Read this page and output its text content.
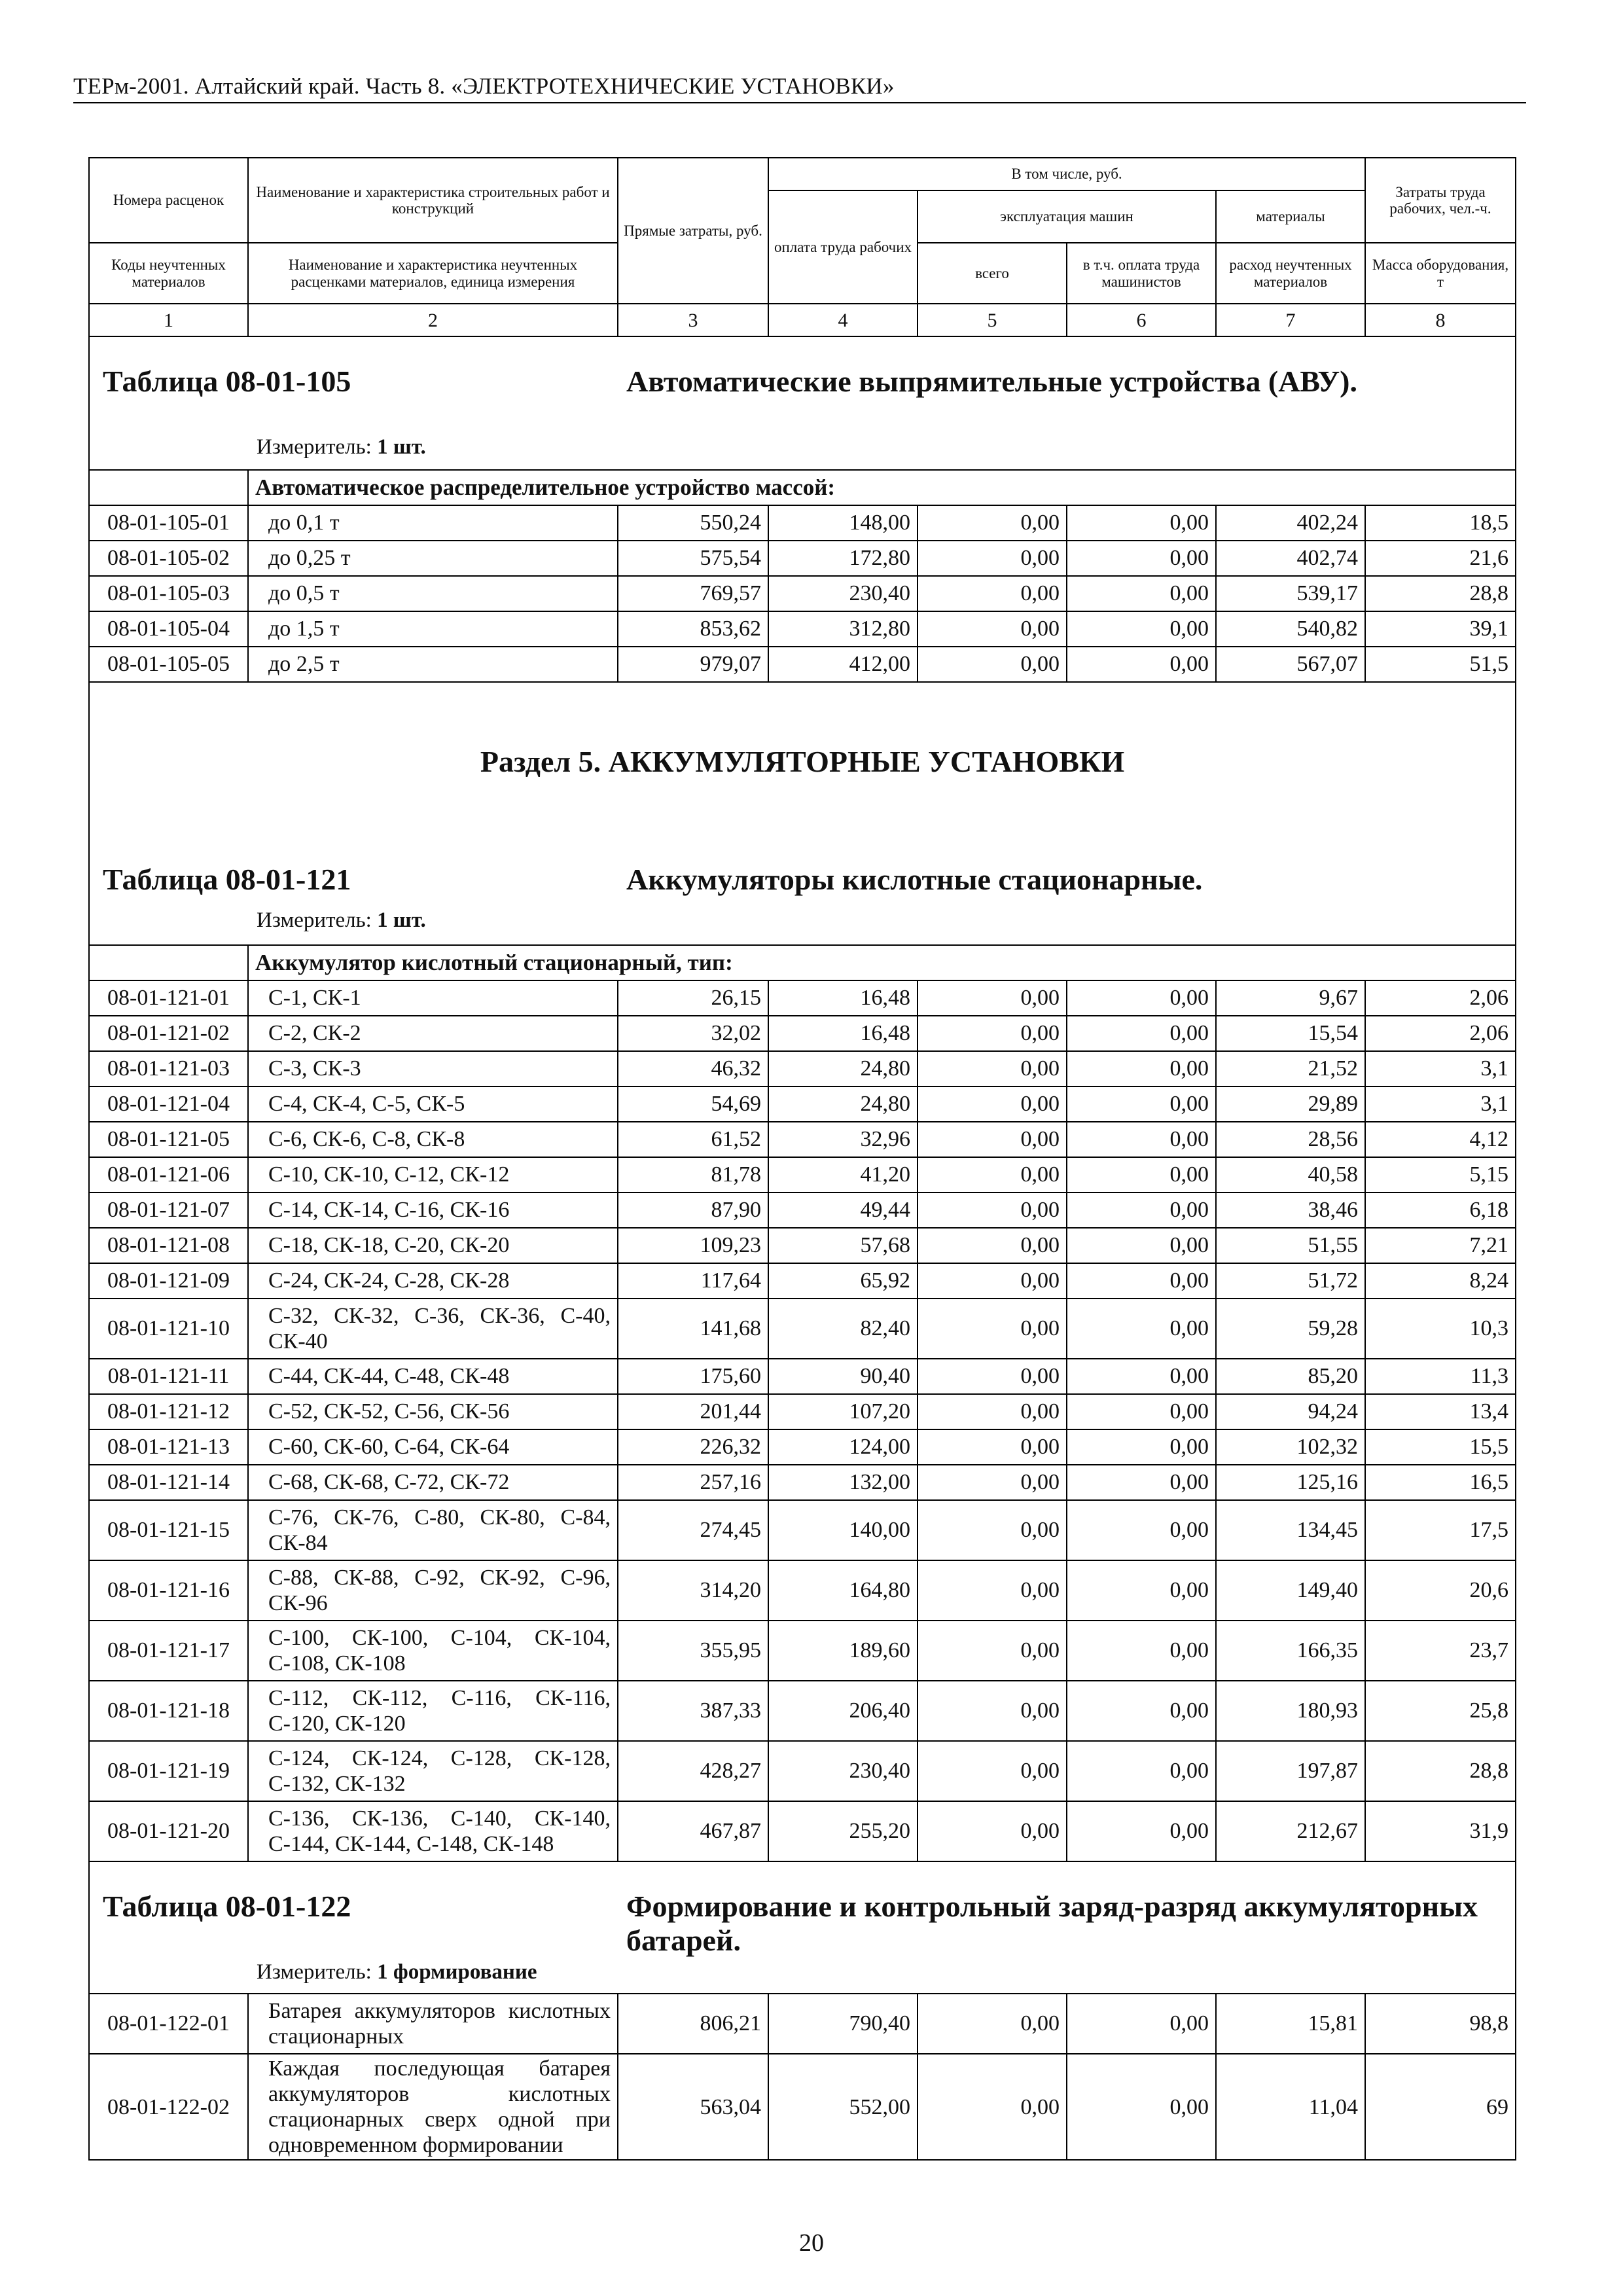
ТЕРм-2001. Алтайский край. Часть 8. «ЭЛЕКТРОТЕХНИЧЕСКИЕ УСТАНОВКИ»
Номера расценок	Наименование и характеристика строительных работ и конструкций	Прямые затраты, руб.	В том числе, руб.				Затраты труда рабочих, чел.-ч.
			оплата труда рабочих	эксплуатация машин		материалы	
Коды неучтенных материалов	Наименование и характеристика неучтенных расценками материалов, единица измерения			всего	в т.ч. оплата труда машинистов	расход неучтенных материалов	Масса оборудования, т
1	2	3	4	5	6	7	8

Таблица 08-01-105 Автоматические выпрямительные устройства (АВУ).
Измеритель: 1 шт.							

	Автоматическое распределительное устройство массой:						
08-01-105-01	до 0,1 т	550,24	148,00	0,00	0,00	402,24	18,5
08-01-105-02	до 0,25 т	575,54	172,80	0,00	0,00	402,74	21,6
08-01-105-03	до 0,5 т	769,57	230,40	0,00	0,00	539,17	28,8
08-01-105-04	до 1,5 т	853,62	312,80	0,00	0,00	540,82	39,1
08-01-105-05	до 2,5 т	979,07	412,00	0,00	0,00	567,07	51,5

Раздел 5. АККУМУЛЯТОРНЫЕ УСТАНОВКИ
Таблица 08-01-121 Аккумуляторы кислотные стационарные.
Измеритель: 1 шт.							

	Аккумулятор кислотный стационарный, тип:						
08-01-121-01	С-1, СК-1	26,15	16,48	0,00	0,00	9,67	2,06
08-01-121-02	С-2, СК-2	32,02	16,48	0,00	0,00	15,54	2,06
08-01-121-03	С-3, СК-3	46,32	24,80	0,00	0,00	21,52	3,1
08-01-121-04	С-4, СК-4, С-5, СК-5	54,69	24,80	0,00	0,00	29,89	3,1
08-01-121-05	С-6, СК-6, С-8, СК-8	61,52	32,96	0,00	0,00	28,56	4,12
08-01-121-06	С-10, СК-10, С-12, СК-12	81,78	41,20	0,00	0,00	40,58	5,15
08-01-121-07	С-14, СК-14, С-16, СК-16	87,90	49,44	0,00	0,00	38,46	6,18
08-01-121-08	С-18, СК-18, С-20, СК-20	109,23	57,68	0,00	0,00	51,55	7,21
08-01-121-09	С-24, СК-24, С-28, СК-28	117,64	65,92	0,00	0,00	51,72	8,24
08-01-121-10	С-32, СК-32, С-36, СК-36, С-40, СК-40	141,68	82,40	0,00	0,00	59,28	10,3
08-01-121-11	С-44, СК-44, С-48, СК-48	175,60	90,40	0,00	0,00	85,20	11,3
08-01-121-12	С-52, СК-52, С-56, СК-56	201,44	107,20	0,00	0,00	94,24	13,4
08-01-121-13	С-60, СК-60, С-64, СК-64	226,32	124,00	0,00	0,00	102,32	15,5
08-01-121-14	С-68, СК-68, С-72, СК-72	257,16	132,00	0,00	0,00	125,16	16,5
08-01-121-15	С-76, СК-76, С-80, СК-80, С-84, СК-84	274,45	140,00	0,00	0,00	134,45	17,5
08-01-121-16	С-88, СК-88, С-92, СК-92, С-96, СК-96	314,20	164,80	0,00	0,00	149,40	20,6
08-01-121-17	С-100, СК-100, С-104, СК-104, С-108, СК-108	355,95	189,60	0,00	0,00	166,35	23,7
08-01-121-18	С-112, СК-112, С-116, СК-116, С-120, СК-120	387,33	206,40	0,00	0,00	180,93	25,8
08-01-121-19	С-124, СК-124, С-128, СК-128, С-132, СК-132	428,27	230,40	0,00	0,00	197,87	28,8
08-01-121-20	С-136, СК-136, С-140, СК-140, С-144, СК-144, С-148, СК-148	467,87	255,20	0,00	0,00	212,67	31,9

Таблица 08-01-122 Формирование и контрольный заряд-разряд аккумуляторных батарей.
Измеритель: 1 формирование							

08-01-122-01	Батарея аккумуляторов кислотных стационарных	806,21	790,40	0,00	0,00	15,81	98,8
08-01-122-02	Каждая последующая батарея аккумуляторов кислотных стационарных сверх одной при одновременном формировании	563,04	552,00	0,00	0,00	11,04	69
20
